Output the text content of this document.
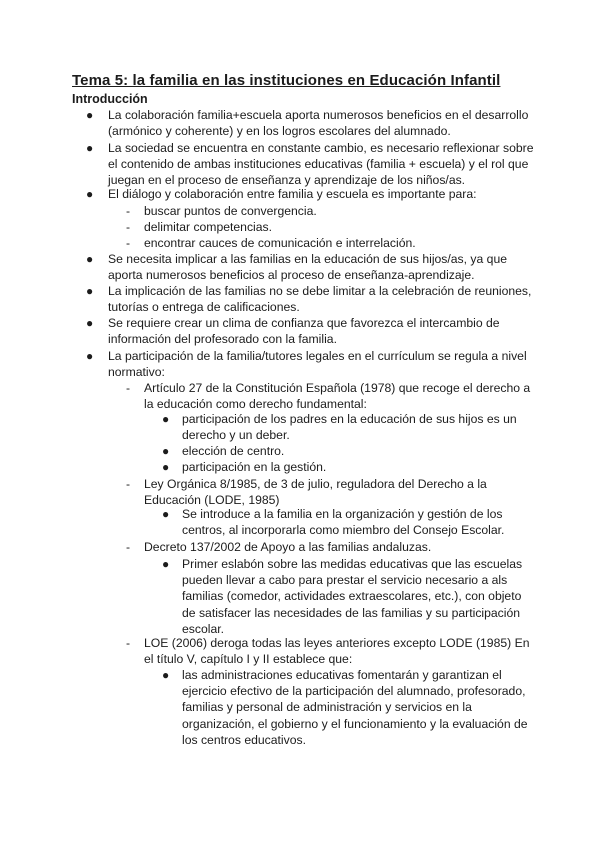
Tema 5: la familia en las instituciones en Educación Infantil
Introducción
● La colaboración familia+escuela aporta numerosos beneficios en el desarrollo (armónico y coherente) y en los logros escolares del alumnado.
● La sociedad se encuentra en constante cambio, es necesario reflexionar sobre el contenido de ambas instituciones educativas (familia + escuela) y el rol que juegan en el proceso de enseñanza y aprendizaje de los niños/as.
● El diálogo y colaboración entre familia y escuela es importante para:
- buscar puntos de convergencia.
- delimitar competencias.
- encontrar cauces de comunicación e interrelación.
● Se necesita implicar a las familias en la educación de sus hijos/as, ya que aporta numerosos beneficios al proceso de enseñanza-aprendizaje.
● La implicación de las familias no se debe limitar a la celebración de reuniones, tutorías o entrega de calificaciones.
● Se requiere crear un clima de confianza que favorezca el intercambio de información del profesorado con la familia.
● La participación de la familia/tutores legales en el currículum se regula a nivel normativo:
- Artículo 27 de la Constitución Española (1978) que recoge el derecho a la educación como derecho fundamental:
● participación de los padres en la educación de sus hijos es un derecho y un deber.
● elección de centro.
● participación en la gestión.
- Ley Orgánica 8/1985, de 3 de julio, reguladora del Derecho a la Educación (LODE, 1985)
● Se introduce a la familia en la organización y gestión de los centros, al incorporarla como miembro del Consejo Escolar.
- Decreto 137/2002 de Apoyo a las familias andaluzas.
● Primer eslabón sobre las medidas educativas que las escuelas pueden llevar a cabo para prestar el servicio necesario a als familias (comedor, actividades extraescolares, etc.), con objeto de satisfacer las necesidades de las familias y su participación escolar.
- LOE (2006) deroga todas las leyes anteriores excepto LODE (1985) En el título V, capítulo I y II establece que:
● las administraciones educativas fomentarán y garantizan el ejercicio efectivo de la participación del alumnado, profesorado, familias y personal de administración y servicios en la organización, el gobierno y el funcionamiento y la evaluación de los centros educativos.
